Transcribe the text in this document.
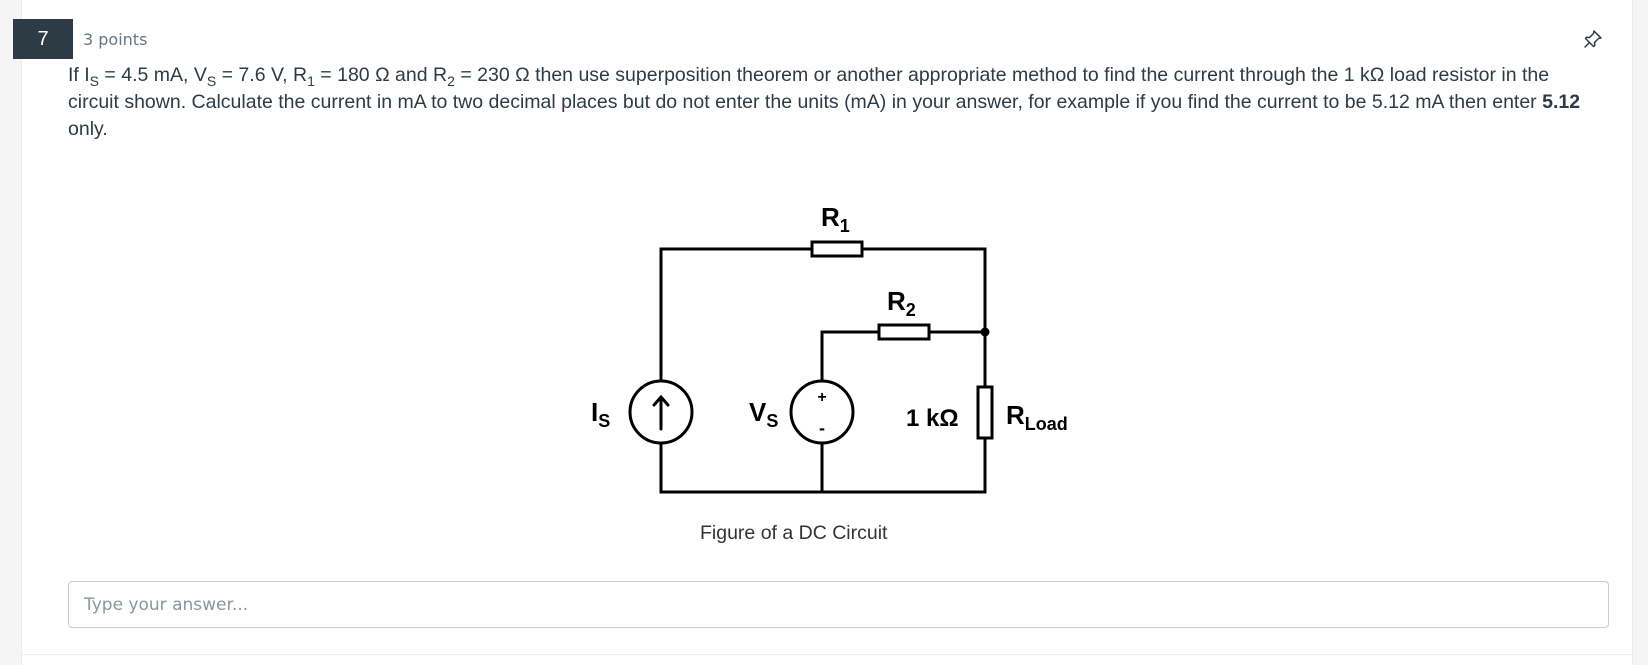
7	3 points
If $I_S = 4.5$ mA, $V_S = 7.6$ V, $R_1 = 180$ Ω and $R_2 = 230$ Ω then use superposition theorem or another appropriate method to find the current through the 1 kΩ load resistor in the circuit shown. Calculate the current in mA to two decimal places but do not enter the units (mA) in your answer, for example if you find the current to be 5.12 mA then enter 5.12 only.
+
-
$R_1$
$R_2$
$I_S$	$V_S$	1 kΩ $R_{Load}$
Figure of a DC Circuit
Type your answer...
